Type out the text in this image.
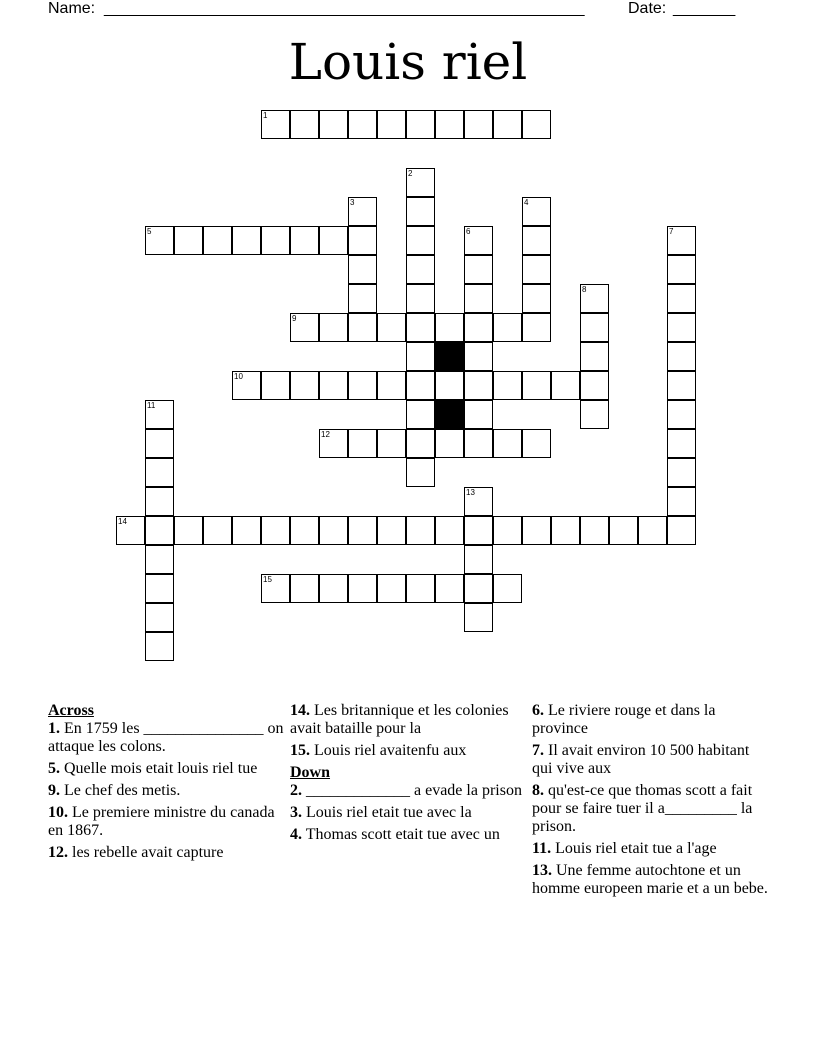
Name: ______________________________________________________	Date: _______
Louis riel
1
2
3	4
5	6	7
8
9
10
11
12
13
14
15
Across
1. En 1759 les _______________ on attaque les colons.
5. Quelle mois etait louis riel tue
9. Le chef des metis.
10. Le premiere ministre du canada en 1867.
12. les rebelle avait capture
14. Les britannique et les colonies avait bataille pour la
15. Louis riel avaitenfu aux
Down
2. _____________ a evade la prison
3. Louis riel etait tue avec la
4. Thomas scott etait tue avec un
6. Le riviere rouge et dans la province
7. Il avait environ 10 500 habitant qui vive aux
8. qu'est-ce que thomas scott a fait pour se faire tuer il a_________ la prison.
11. Louis riel etait tue a l'age
13. Une femme autochtone et un homme europeen marie et a un bebe.
